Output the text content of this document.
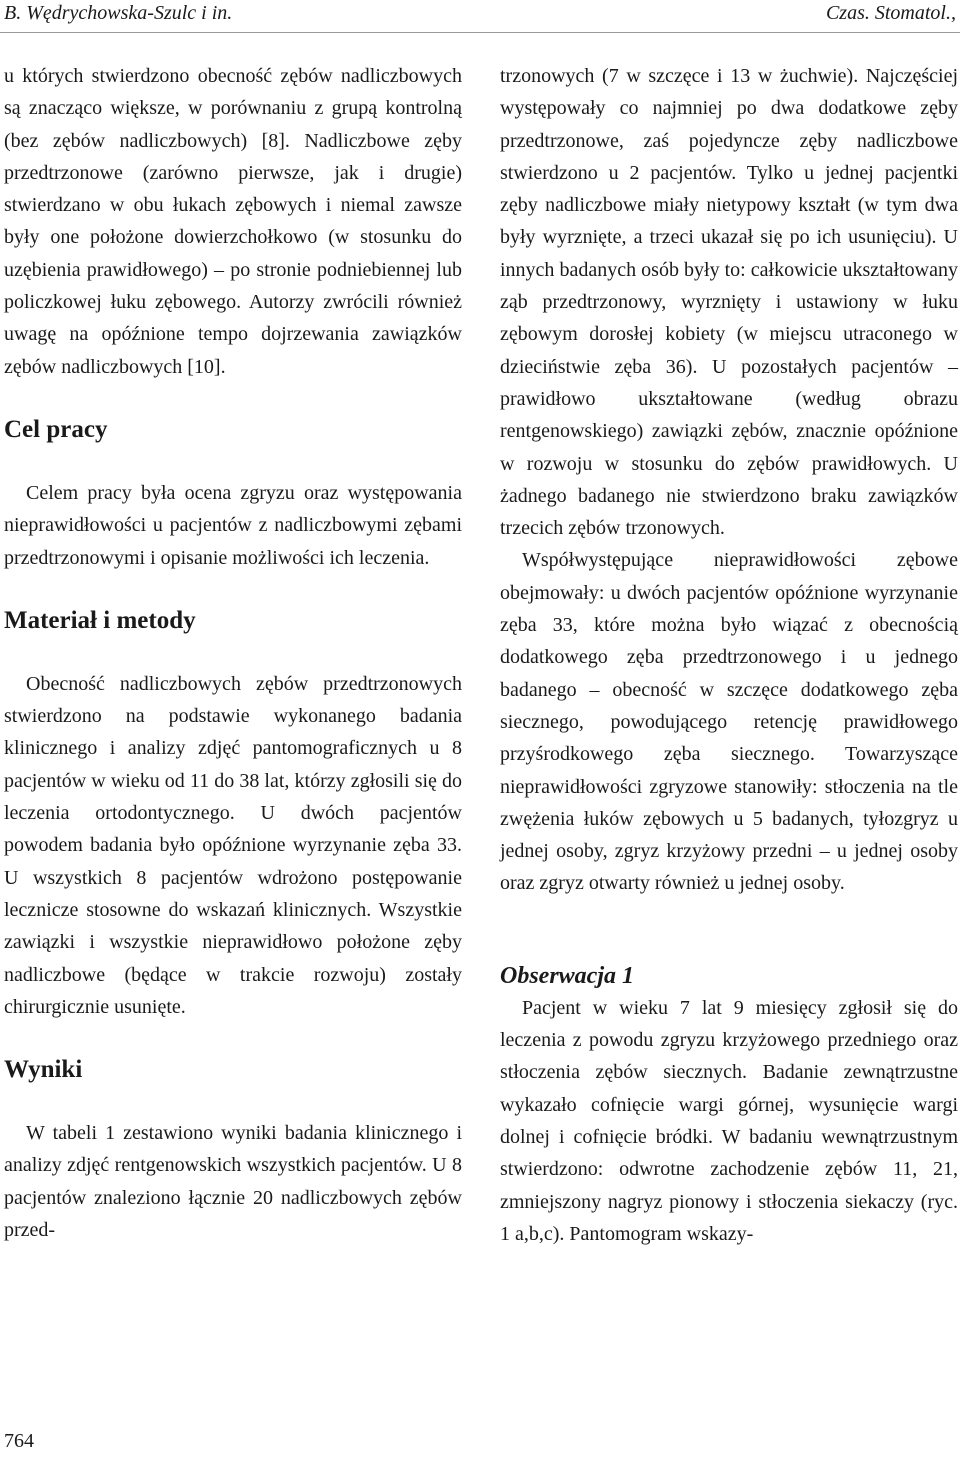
B. Wędrychowska-Szulc i in.	Czas. Stomatol.,

u których stwierdzono obecność zębów nadliczbowych są znacząco większe, w porównaniu z grupą kontrolną (bez zębów nadliczbowych) [8]. Nadliczbowe zęby przedtrzonowe (zarówno pierwsze, jak i drugie) stwierdzano w obu łukach zębowych i niemal zawsze były one położone dowierzchołkowo (w stosunku do uzębienia prawidłowego) – po stronie podniebiennej lub policzkowej łuku zębowego. Autorzy zwrócili również uwagę na opóźnione tempo dojrzewania zawiązków zębów nadliczbowych [10].

Cel pracy

Celem pracy była ocena zgryzu oraz występowania nieprawidłowości u pacjentów z nadliczbowymi zębami przedtrzonowymi i opisanie możliwości ich leczenia.

Materiał i metody

Obecność nadliczbowych zębów przedtrzonowych stwierdzono na podstawie wykonanego badania klinicznego i analizy zdjęć pantomograficznych u 8 pacjentów w wieku od 11 do 38 lat, którzy zgłosili się do leczenia ortodontycznego. U dwóch pacjentów powodem badania było opóźnione wyrzynanie zęba 33. U wszystkich 8 pacjentów wdrożono postępowanie lecznicze stosowne do wskazań klinicznych. Wszystkie zawiązki i wszystkie nieprawidłowo położone zęby nadliczbowe (będące w trakcie rozwoju) zostały chirurgicznie usunięte.

Wyniki

W tabeli 1 zestawiono wyniki badania klinicznego i analizy zdjęć rentgenowskich wszystkich pacjentów. U 8 pacjentów znaleziono łącznie 20 nadliczbowych zębów przed-

trzonowych (7 w szczęce i 13 w żuchwie). Najczęściej występowały co najmniej po dwa dodatkowe zęby przedtrzonowe, zaś pojedyncze zęby nadliczbowe stwierdzono u 2 pacjentów. Tylko u jednej pacjentki zęby nadliczbowe miały nietypowy kształt (w tym dwa były wyrznięte, a trzeci ukazał się po ich usunięciu). U innych badanych osób były to: całkowicie ukształtowany ząb przedtrzonowy, wyrznięty i ustawiony w łuku zębowym dorosłej kobiety (w miejscu utraconego w dzieciństwie zęba 36). U pozostałych pacjentów – prawidłowo ukształtowane (według obrazu rentgenowskiego) zawiązki zębów, znacznie opóźnione w rozwoju w stosunku do zębów prawidłowych. U żadnego badanego nie stwierdzono braku zawiązków trzecich zębów trzonowych.

Współwystępujące nieprawidłowości zębowe obejmowały: u dwóch pacjentów opóźnione wyrzynanie zęba 33, które można było wiązać z obecnością dodatkowego zęba przedtrzonowego i u jednego badanego – obecność w szczęce dodatkowego zęba siecznego, powodującego retencję prawidłowego przyśrodkowego zęba siecznego. Towarzyszące nieprawidłowości zgryzowe stanowiły: stłoczenia na tle zwężenia łuków zębowych u 5 badanych, tyłozgryz u jednej osoby, zgryz krzyżowy przedni – u jednej osoby oraz zgryz otwarty również u jednej osoby.

Obserwacja 1

Pacjent w wieku 7 lat 9 miesięcy zgłosił się do leczenia z powodu zgryzu krzyżowego przedniego oraz stłoczenia zębów siecznych. Badanie zewnątrzustne wykazało cofnięcie wargi górnej, wysunięcie wargi dolnej i cofnięcie bródki. W badaniu wewnątrzustnym stwierdzono: odwrotne zachodzenie zębów 11, 21, zmniejszony nagryz pionowy i stłoczenia siekaczy (ryc. 1 a,b,c). Pantomogram wskazy-

764
